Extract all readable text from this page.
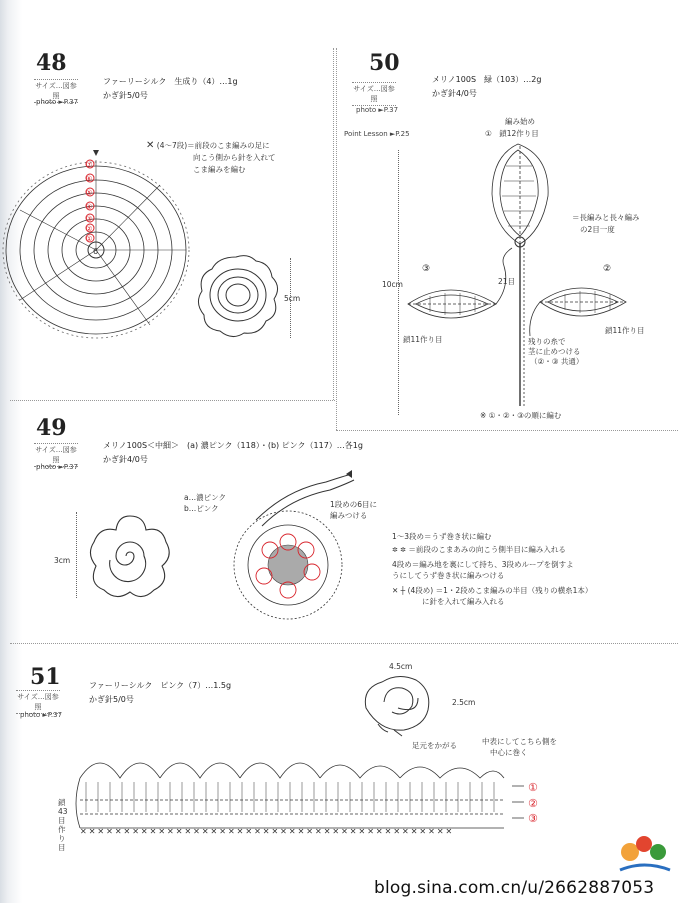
48
サイズ…図参照
photo ►P.37
ファーリーシルク　生成り（4）…1g
かぎ針5/0号
✕ (4〜7段)＝前段のこま編みの足に
向こう側から針を入れて
こま編みを編む
6
⑦
⑥
⑤
④
③
②
①
5cm
50
サイズ…図参照
photo ►P.37
Point Lesson ►P.25
メリノ100S　緑（103）…2g
かぎ針4/0号
編み始め
①　鎖12作り目
＝長編みと長々編み
の2目一度
10cm
③	②
21目
鎖11作り目
鎖11作り目
残りの糸で
茎に止めつける
（②・③ 共通）
※ ①・②・③の順に編む
49
サイズ…図参照
photo ►P.37
メリノ100S＜中細＞　(a) 濃ピンク（118）・(b) ピンク（117）…各1g
かぎ針4/0号
a…濃ピンク
b…ピンク
3cm
1段めの6目に
編みつける
1〜3段め＝うず巻き状に編む
✲ ✲ ＝前段のこまあみの向こう側半目に編み入れる
4段め＝編み地を裏にして持ち、3段めループを倒すよ
うにしてうず巻き状に編みつける
✕ ┼ (4段め) ＝1・2段めこま編みの半目（残りの横糸1本）
に針を入れて編み入れる
51
サイズ…図参照
photo ►P.37
ファーリーシルク　ピンク（7）…1.5g
かぎ針5/0号
4.5cm
2.5cm
足元をかがる	中表にしてこちら側を
中心に巻く
鎖43目作り目
①
②
③
✕✕✕✕✕✕✕✕✕✕✕✕✕✕✕✕✕✕✕✕✕✕✕✕✕✕✕✕✕✕✕✕✕✕✕✕✕✕✕✕✕✕✕
blog.sina.com.cn/u/2662887053
